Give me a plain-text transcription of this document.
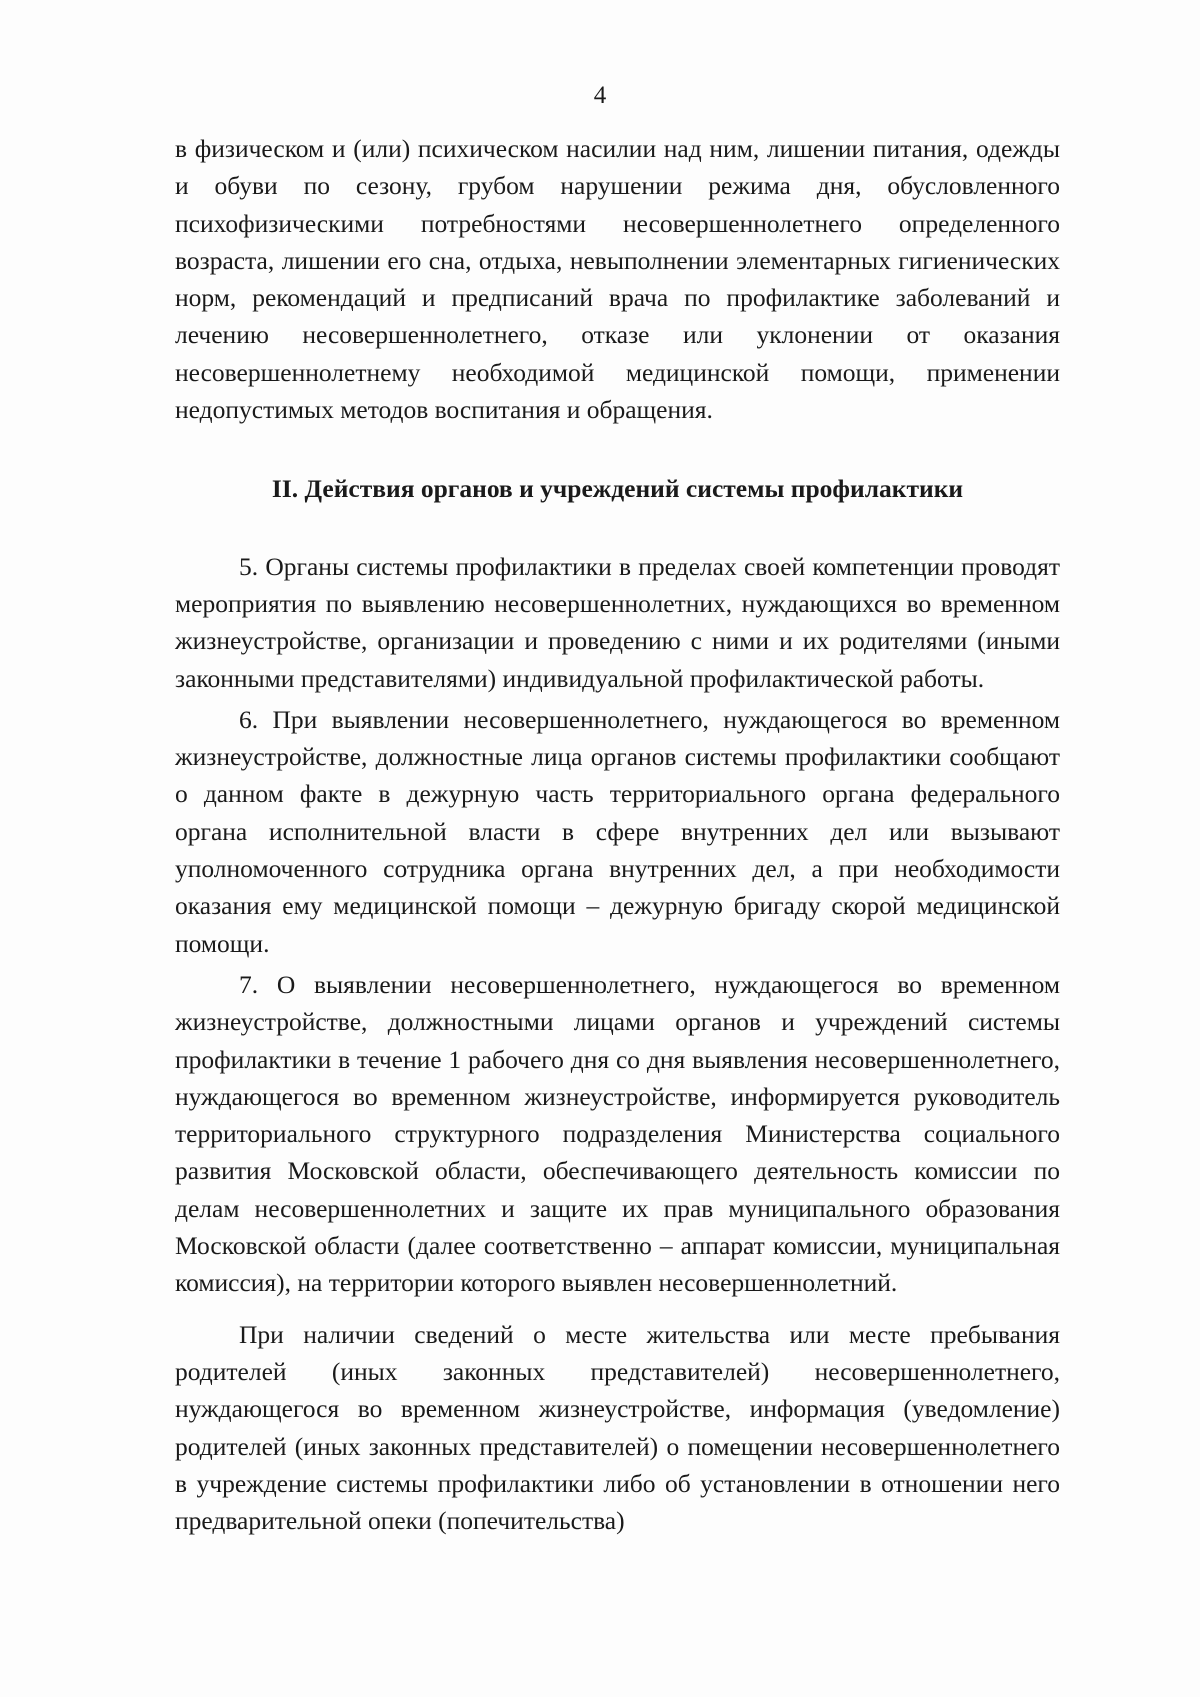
4

в физическом и (или) психическом насилии над ним, лишении питания, одежды и обуви по сезону, грубом нарушении режима дня, обусловленного психофизическими потребностями несовершеннолетнего определенного возраста, лишении его сна, отдыха, невыполнении элементарных гигиенических норм, рекомендаций и предписаний врача по профилактике заболеваний и лечению несовершеннолетнего, отказе или уклонении от оказания несовершеннолетнему необходимой медицинской помощи, применении недопустимых методов воспитания и обращения.

II. Действия органов и учреждений системы профилактики

5. Органы системы профилактики в пределах своей компетенции проводят мероприятия по выявлению несовершеннолетних, нуждающихся во временном жизнеустройстве, организации и проведению с ними и их родителями (иными законными представителями) индивидуальной профилактической работы.

6. При выявлении несовершеннолетнего, нуждающегося во временном жизнеустройстве, должностные лица органов системы профилактики сообщают о данном факте в дежурную часть территориального органа федерального органа исполнительной власти в сфере внутренних дел или вызывают уполномоченного сотрудника органа внутренних дел, а при необходимости оказания ему медицинской помощи – дежурную бригаду скорой медицинской помощи.

7. О выявлении несовершеннолетнего, нуждающегося во временном жизнеустройстве, должностными лицами органов и учреждений системы профилактики в течение 1 рабочего дня со дня выявления несовершеннолетнего, нуждающегося во временном жизнеустройстве, информируется руководитель территориального структурного подразделения Министерства социального развития Московской области, обеспечивающего деятельность комиссии по делам несовершеннолетних и защите их прав муниципального образования Московской области (далее соответственно – аппарат комиссии, муниципальная комиссия), на территории которого выявлен несовершеннолетний.

При наличии сведений о месте жительства или месте пребывания родителей (иных законных представителей) несовершеннолетнего, нуждающегося во временном жизнеустройстве, информация (уведомление) родителей (иных законных представителей) о помещении несовершеннолетнего в учреждение системы профилактики либо об установлении в отношении него предварительной опеки (попечительства)
